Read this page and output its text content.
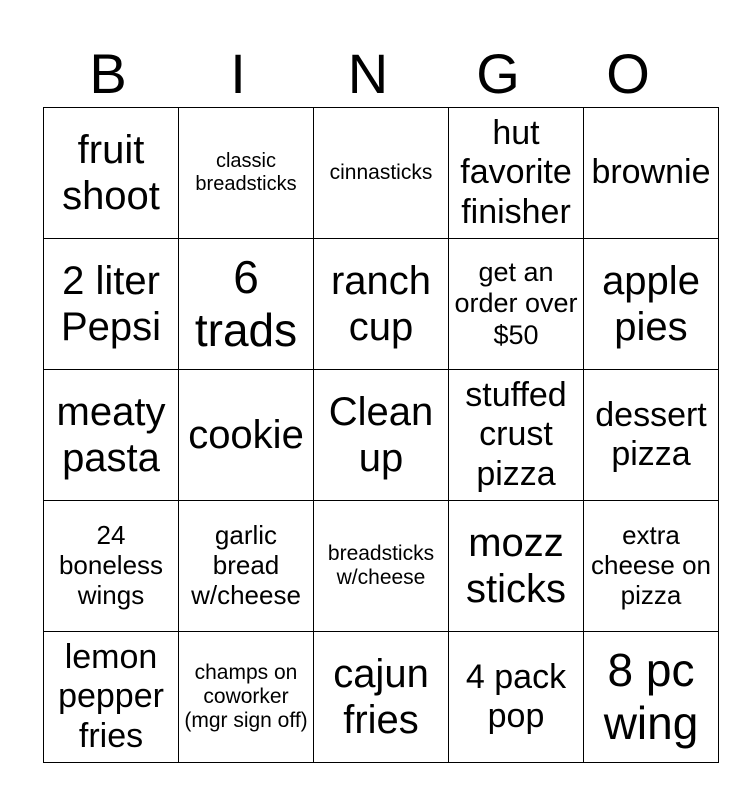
B	I	N	G	O
fruit shoot	classic breadsticks	cinnasticks	hut favorite finisher	brownie
2 liter Pepsi	6 trads	ranch cup	get an order over $50	apple pies
meaty pasta	cookie	Clean up	stuffed crust pizza	dessert pizza
24 boneless wings	garlic bread w/cheese	breadsticks w/cheese	mozz sticks	extra cheese on pizza
lemon pepper fries	champs on coworker (mgr sign off)	cajun fries	4 pack pop	8 pc wing
